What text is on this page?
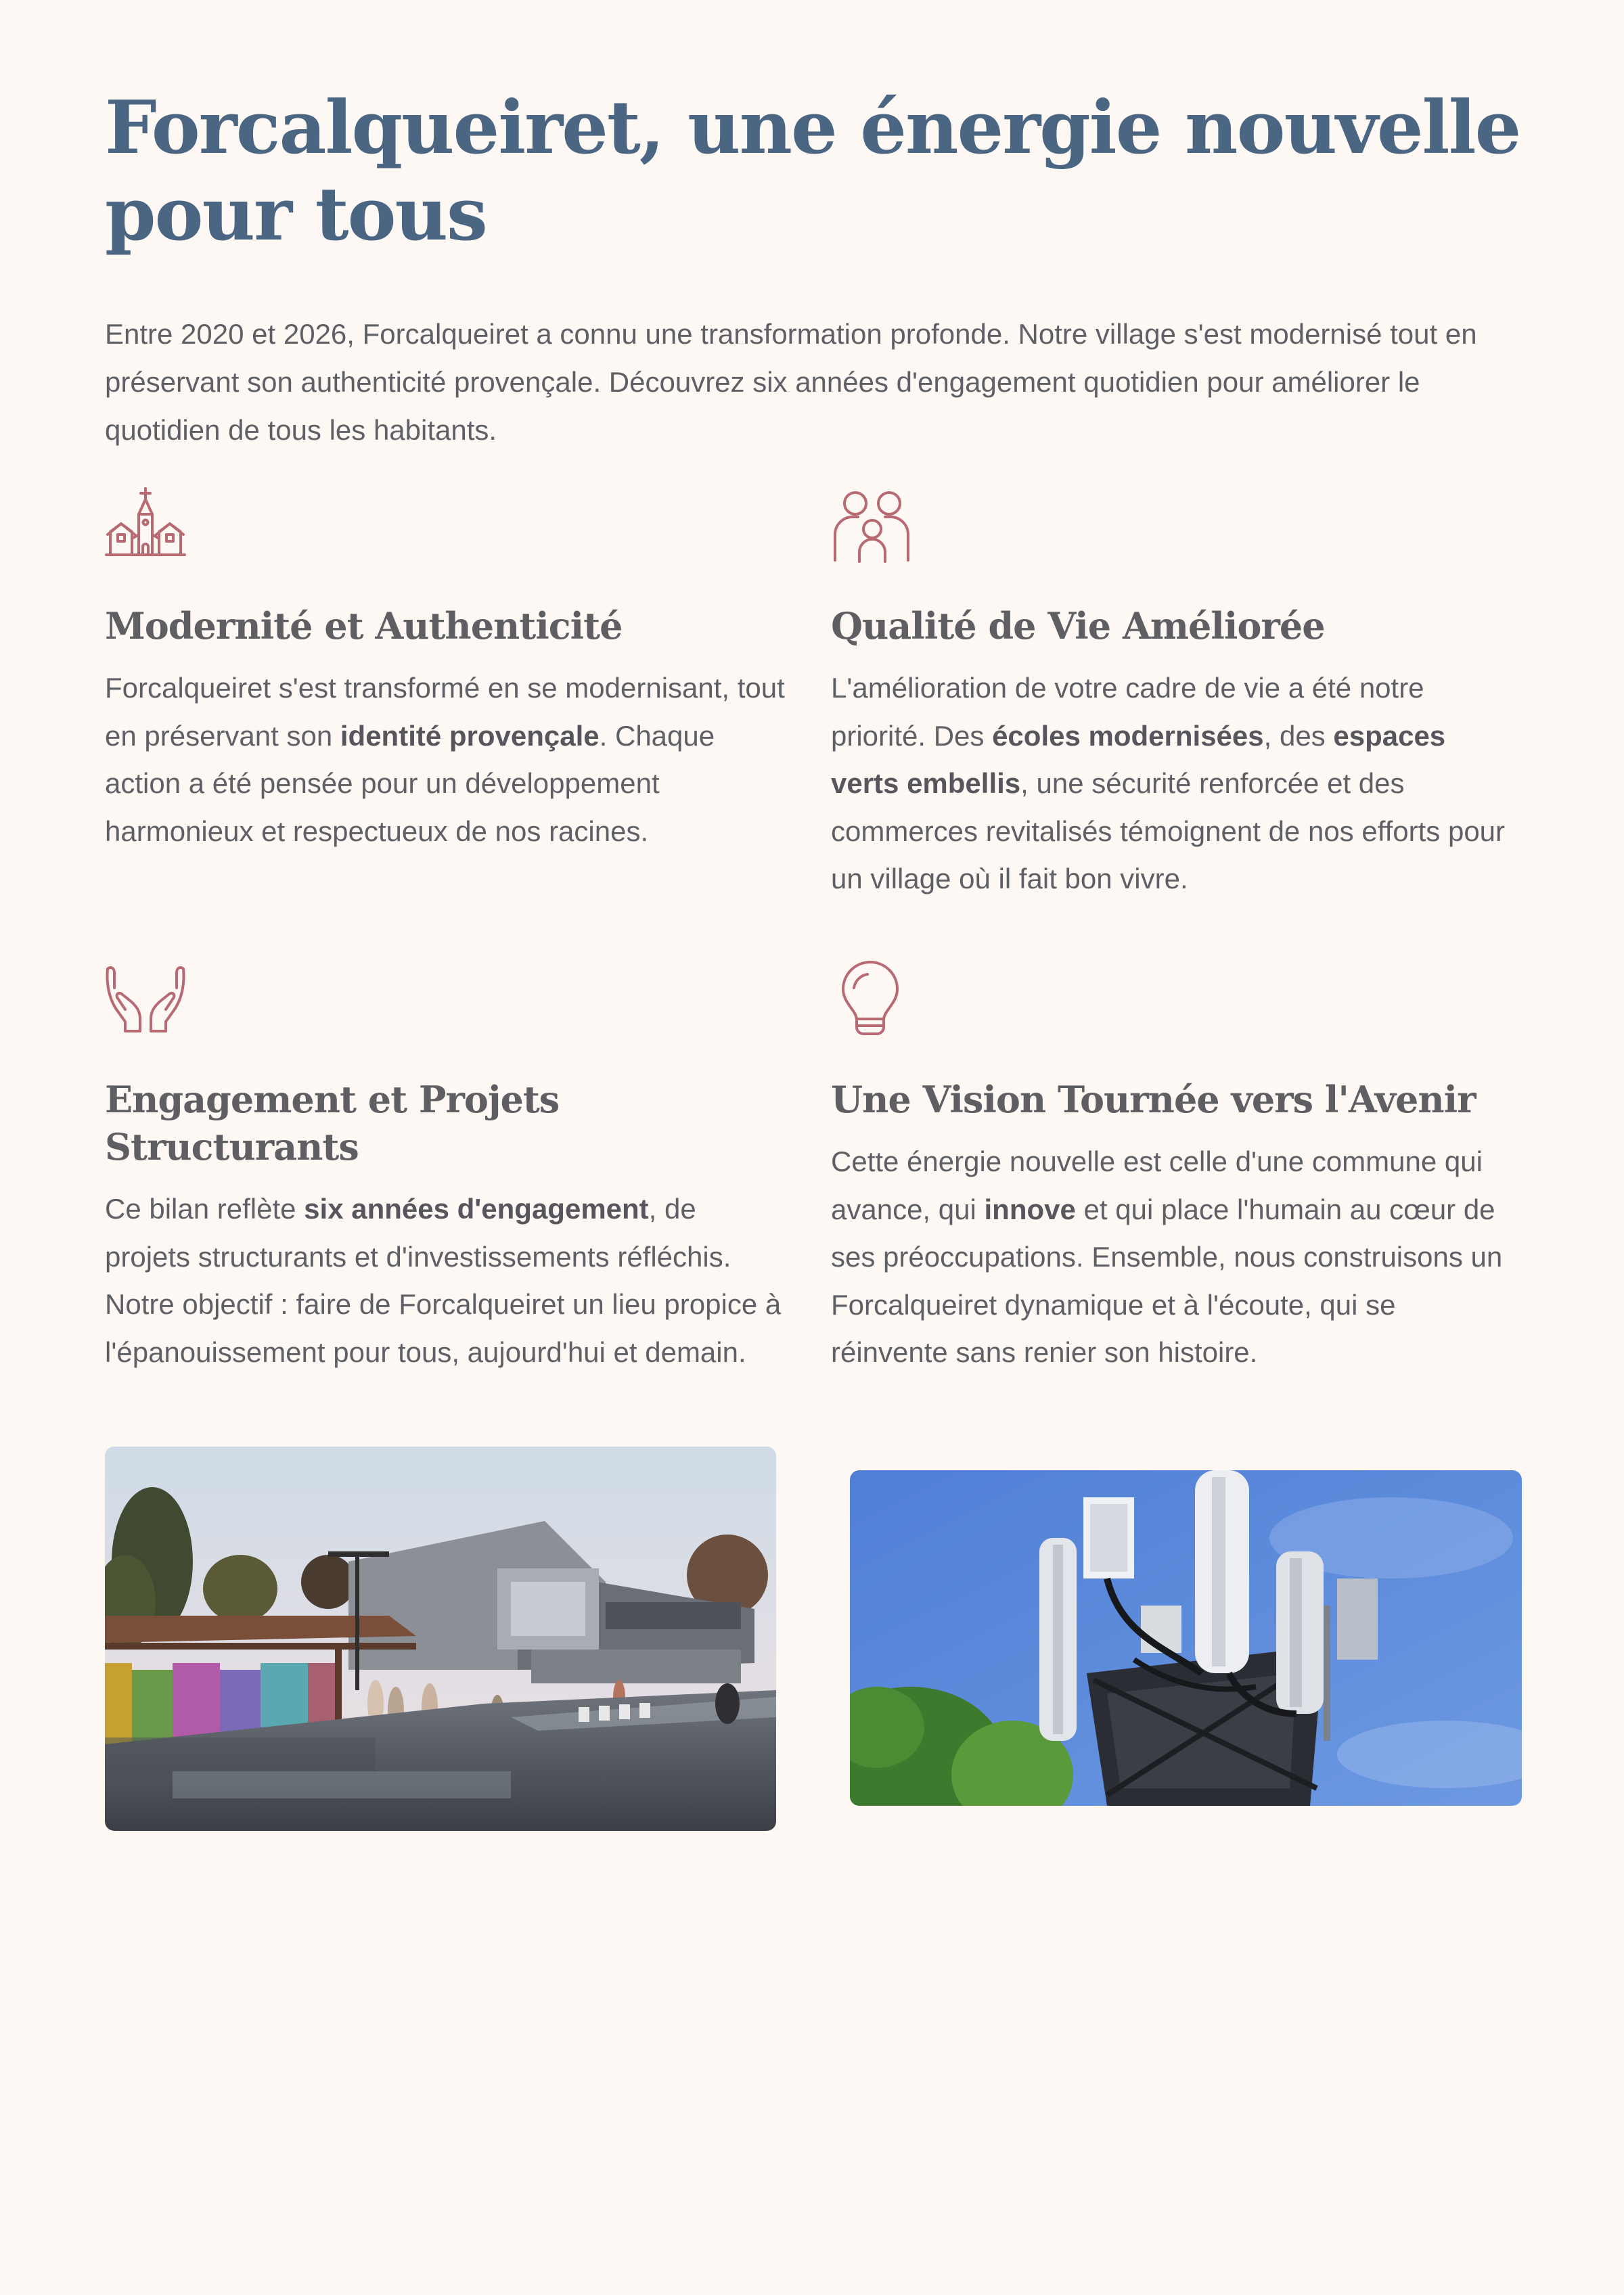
Forcalqueiret, une énergie nouvelle pour tous

Entre 2020 et 2026, Forcalqueiret a connu une transformation profonde. Notre village s'est modernisé tout en préservant son authenticité provençale. Découvrez six années d'engagement quotidien pour améliorer le quotidien de tous les habitants.

Modernité et Authenticité

Forcalqueiret s'est transformé en se modernisant, tout en préservant son identité provençale. Chaque action a été pensée pour un développement harmonieux et respectueux de nos racines.

Qualité de Vie Améliorée

L'amélioration de votre cadre de vie a été notre priorité. Des écoles modernisées, des espaces verts embellis, une sécurité renforcée et des commerces revitalisés témoignent de nos efforts pour un village où il fait bon vivre.

Engagement et Projets Structurants

Ce bilan reflète six années d'engagement, de projets structurants et d'investissements réfléchis. Notre objectif : faire de Forcalqueiret un lieu propice à l'épanouissement pour tous, aujourd'hui et demain.

Une Vision Tournée vers l'Avenir

Cette énergie nouvelle est celle d'une commune qui avance, qui innove et qui place l'humain au cœur de ses préoccupations. Ensemble, nous construisons un Forcalqueiret dynamique et à l'écoute, qui se réinvente sans renier son histoire.
